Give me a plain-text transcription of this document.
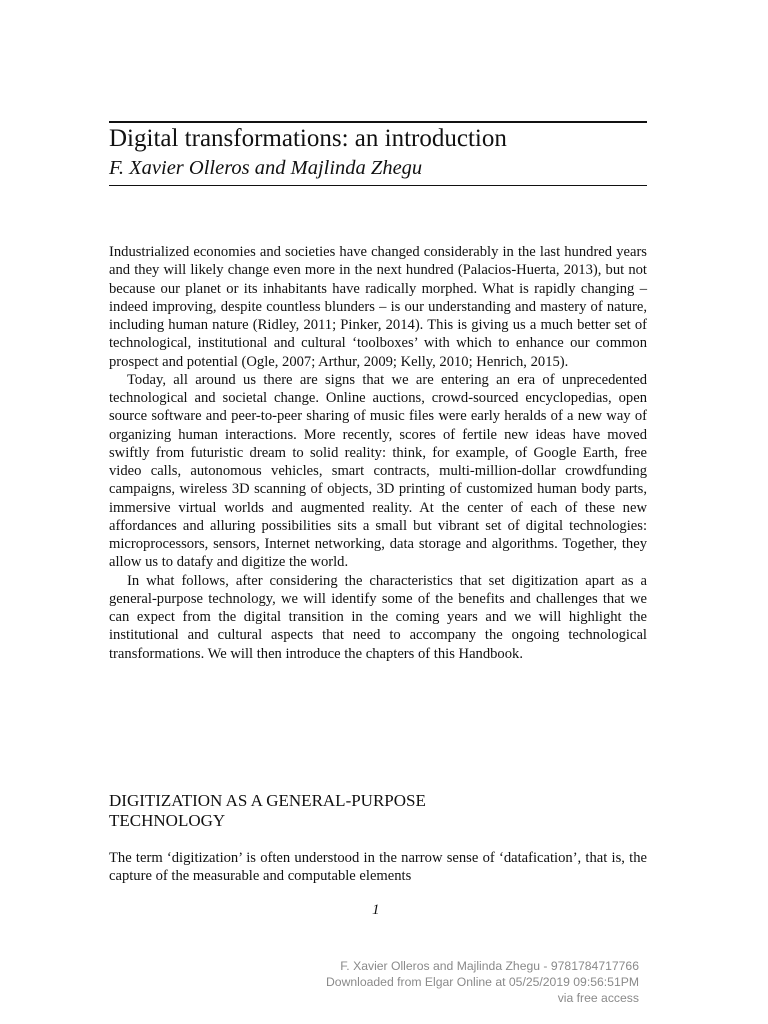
Digital transformations: an introduction
F. Xavier Olleros and Majlinda Zhegu

Industrialized economies and societies have changed considerably in the last hundred years and they will likely change even more in the next hundred (Palacios-Huerta, 2013), but not because our planet or its inhabitants have radically morphed. What is rapidly changing – indeed improving, despite countless blunders – is our understanding and mastery of nature, including human nature (Ridley, 2011; Pinker, 2014). This is giving us a much better set of technological, institutional and cultural ‘toolboxes’ with which to enhance our common prospect and potential (Ogle, 2007; Arthur, 2009; Kelly, 2010; Henrich, 2015).

Today, all around us there are signs that we are entering an era of unprecedented technological and societal change. Online auctions, crowd-sourced encyclopedias, open source software and peer-to-peer sharing of music files were early heralds of a new way of organizing human interactions. More recently, scores of fertile new ideas have moved swiftly from futuristic dream to solid reality: think, for example, of Google Earth, free video calls, autonomous vehicles, smart contracts, multi-million-dollar crowdfunding campaigns, wireless 3D scanning of objects, 3D printing of customized human body parts, immersive virtual worlds and augmented reality. At the center of each of these new affordances and alluring possibilities sits a small but vibrant set of digital technologies: microprocessors, sensors, Internet networking, data storage and algorithms. Together, they allow us to datafy and digitize the world.

In what follows, after considering the characteristics that set digitization apart as a general-purpose technology, we will identify some of the benefits and challenges that we can expect from the digital transition in the coming years and we will highlight the institutional and cultural aspects that need to accompany the ongoing technological transformations. We will then introduce the chapters of this Handbook.

DIGITIZATION AS A GENERAL-PURPOSE
TECHNOLOGY

The term ‘digitization’ is often understood in the narrow sense of ‘datafication’, that is, the capture of the measurable and computable elements

1
F. Xavier Olleros and Majlinda Zhegu - 9781784717766
Downloaded from Elgar Online at 05/25/2019 09:56:51PM
via free access
